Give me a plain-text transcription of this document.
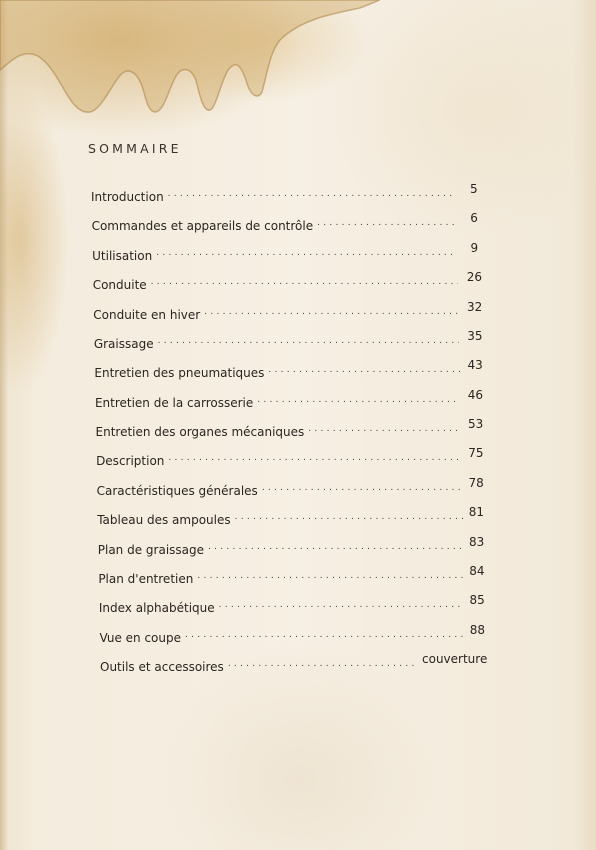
SOMMAIRE
Introduction
. . .
5
Commandes et appareils de contrôle
. . .
6
Utilisation
. . .
9
Conduite
. . .
26
Conduite en hiver
. . .
32
Graissage
. . .
35
Entretien des pneumatiques
. . .
43
Entretien de la carrosserie
. . .
46
Entretien des organes mécaniques
. . .
53
Description
. . .
75
Caractéristiques générales
. . .
78
Tableau des ampoules
. . .
81
Plan de graissage
. . .
83
Plan d'entretien
. . .
84
Index alphabétique
. . .
85
Vue en coupe
. . .
88
Outils et accessoires
. . .
couverture
